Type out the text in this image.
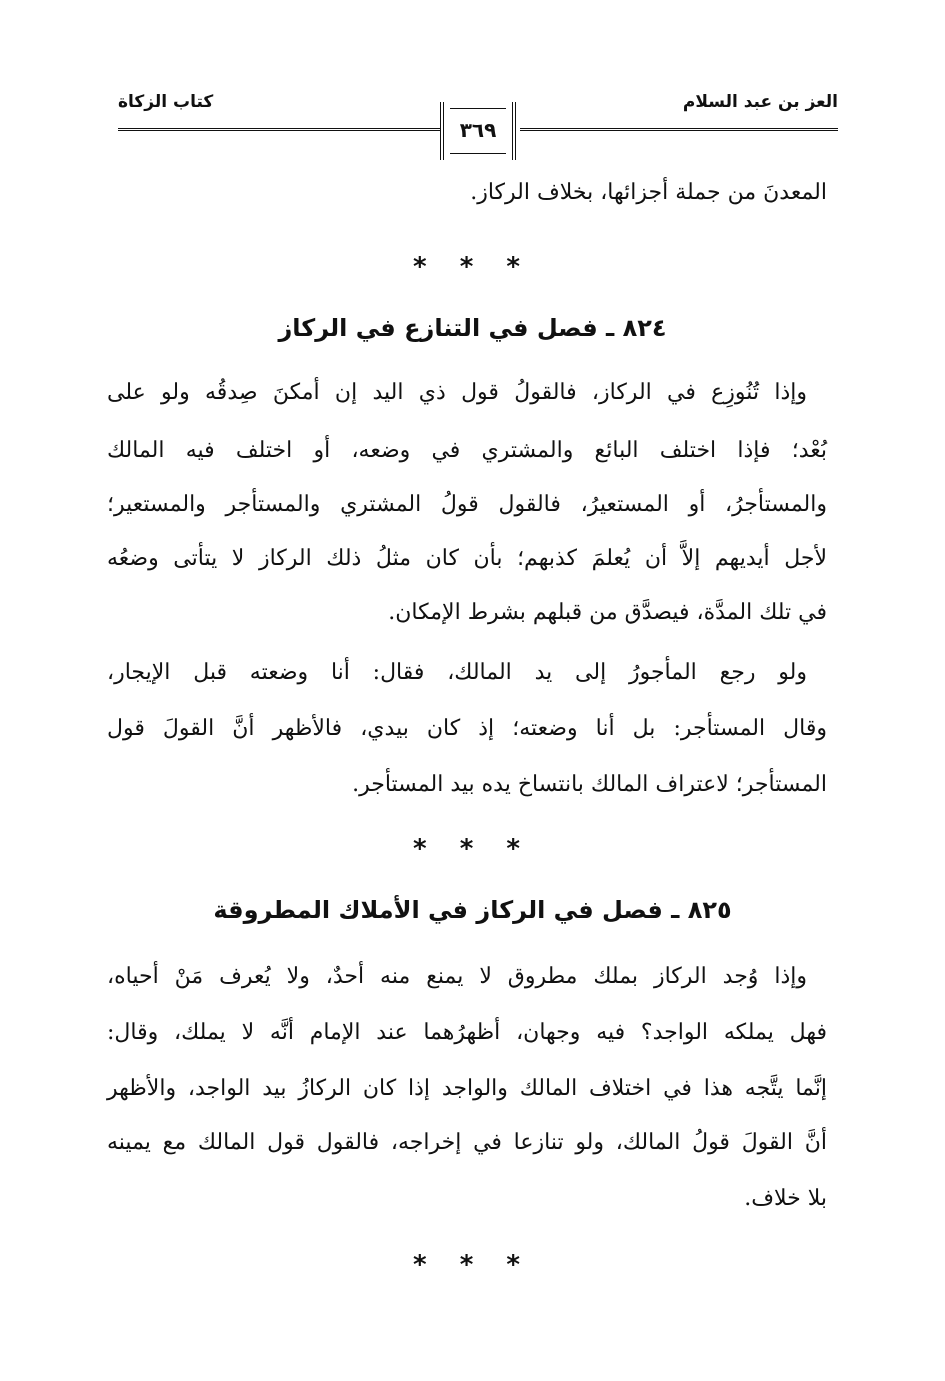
العز بن عبد السلام
كتاب الزكاة
٣٦٩
المعدنَ من جملة أجزائها، بخلاف الركاز.
* * *
٨٢٤ ـ فصل في التنازع في الركاز
وإذا تُنُوزِع في الركاز، فالقولُ قول ذي اليد إن أمكنَ صِدقُه ولو على
بُعْد؛ فإذا اختلف البائع والمشتري في وضعه، أو اختلف فيه المالك
والمستأجرُ، أو المستعيرُ، فالقول قولُ المشتري والمستأجر والمستعير؛
لأجل أيديهم إلاَّ أن يُعلمَ كذبهم؛ بأن كان مثلُ ذلك الركاز لا يتأتى وضعُه
في تلك المدَّة، فيصدَّق من قبلهم بشرط الإمكان.
ولو رجع المأجورُ إلى يد المالك، فقال: أنا وضعته قبل الإيجار،
وقال المستأجر: بل أنا وضعته؛ إذ كان بيدي، فالأظهر أنَّ القولَ قول
المستأجر؛ لاعتراف المالك بانتساخ يده بيد المستأجر.
* * *
٨٢٥ ـ فصل في الركاز في الأملاك المطروقة
وإذا وُجد الركاز بملك مطروق لا يمنع منه أحدٌ، ولا يُعرف مَنْ أحياه،
فهل يملكه الواجد؟ فيه وجهان، أظهرُهما عند الإمام أنَّه لا يملك، وقال:
إنَّما يتَّجه هذا في اختلاف المالك والواجد إذا كان الركازُ بيد الواجد، والأظهر
أنَّ القولَ قولُ المالك، ولو تنازعا في إخراجه، فالقول قول المالك مع يمينه
بلا خلاف.
* * *
